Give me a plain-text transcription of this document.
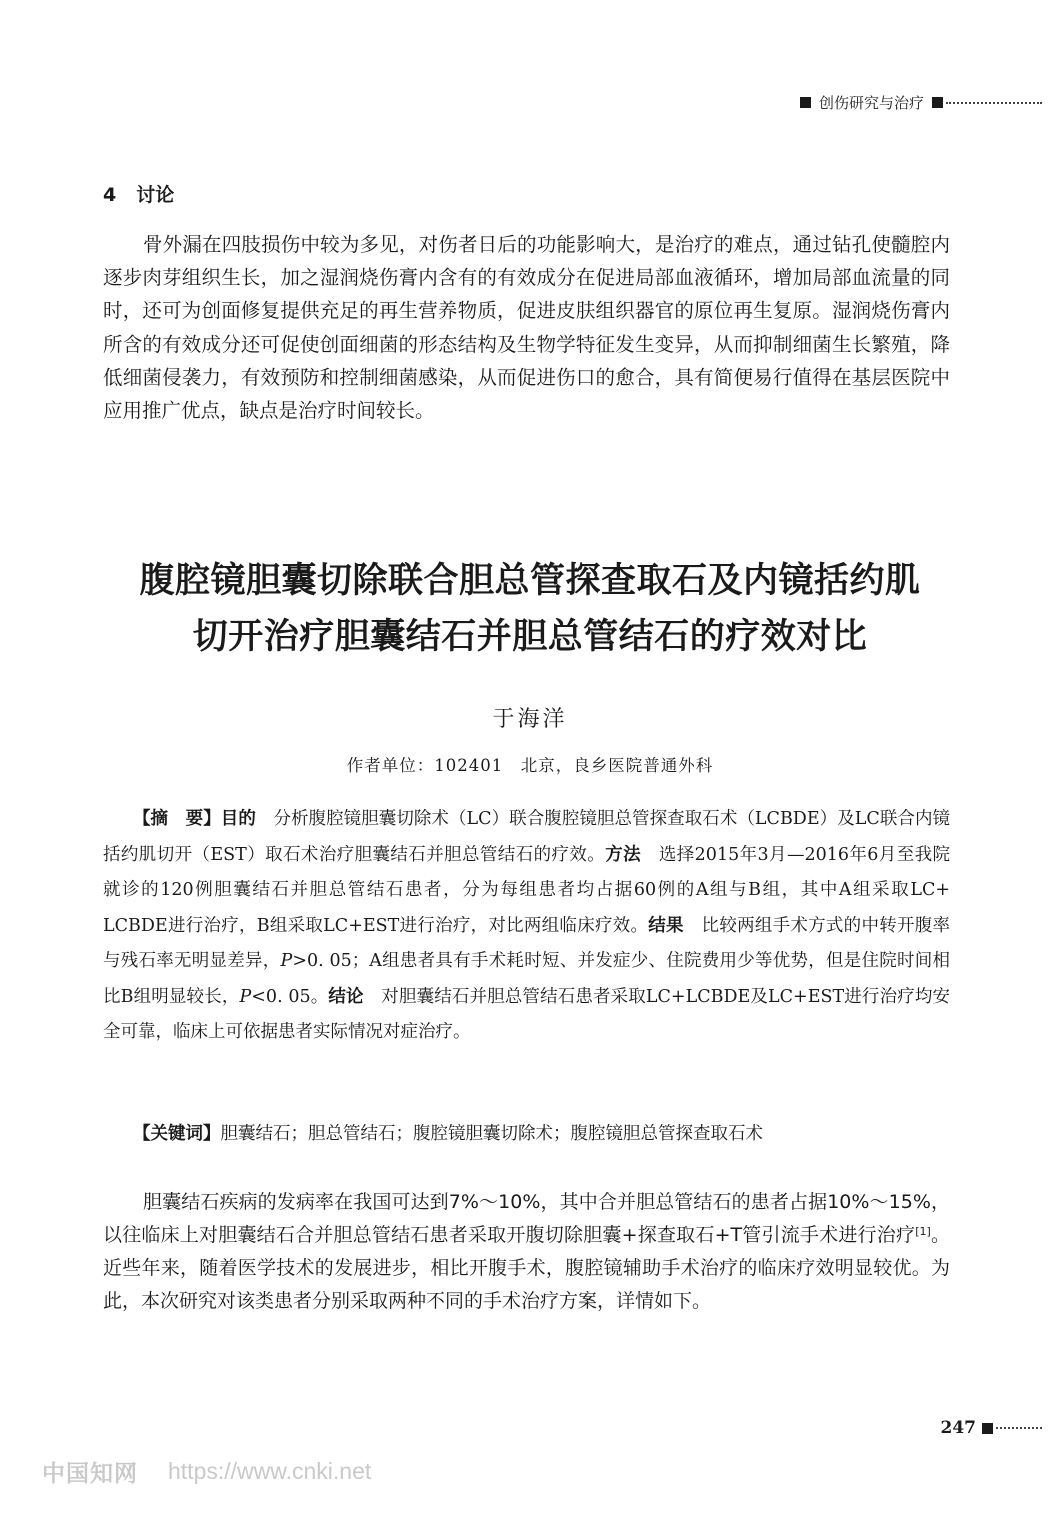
创伤研究与治疗
4 讨论

骨外漏在四肢损伤中较为多见，对伤者日后的功能影响大，是治疗的难点，通过钻孔使髓腔内逐步肉芽组织生长，加之湿润烧伤膏内含有的有效成分在促进局部血液循环，增加局部血流量的同时，还可为创面修复提供充足的再生营养物质，促进皮肤组织器官的原位再生复原。湿润烧伤膏内所含的有效成分还可促使创面细菌的形态结构及生物学特征发生变异，从而抑制细菌生长繁殖，降低细菌侵袭力，有效预防和控制细菌感染，从而促进伤口的愈合，具有简便易行值得在基层医院中应用推广优点，缺点是治疗时间较长。

腹腔镜胆囊切除联合胆总管探查取石及内镜括约肌
切开治疗胆囊结石并胆总管结石的疗效对比
于海洋
作者单位：102401　北京，良乡医院普通外科

【摘　要】目的　分析腹腔镜胆囊切除术（LC）联合腹腔镜胆总管探查取石术（LCBDE）及LC联合内镜括约肌切开（EST）取石术治疗胆囊结石并胆总管结石的疗效。方法　选择2015年3月—2016年6月至我院就诊的120例胆囊结石并胆总管结石患者，分为每组患者均占据60例的A组与B组，其中A组采取LC+ LCBDE进行治疗，B组采取LC+EST进行治疗，对比两组临床疗效。结果　比较两组手术方式的中转开腹率与残石率无明显差异，P>0. 05；A组患者具有手术耗时短、并发症少、住院费用少等优势，但是住院时间相比B组明显较长，P<0. 05。结论　对胆囊结石并胆总管结石患者采取LC+LCBDE及LC+EST进行治疗均安全可靠，临床上可依据患者实际情况对症治疗。

【关键词】胆囊结石；胆总管结石；腹腔镜胆囊切除术；腹腔镜胆总管探查取石术

胆囊结石疾病的发病率在我国可达到7%～10%，其中合并胆总管结石的患者占据10%～15%，以往临床上对胆囊结石合并胆总管结石患者采取开腹切除胆囊+探查取石+T管引流手术进行治疗[1]。近些年来，随着医学技术的发展进步，相比开腹手术，腹腔镜辅助手术治疗的临床疗效明显较优。为此，本次研究对该类患者分别采取两种不同的手术治疗方案，详情如下。

247
中国知网 https://www.cnki.net
